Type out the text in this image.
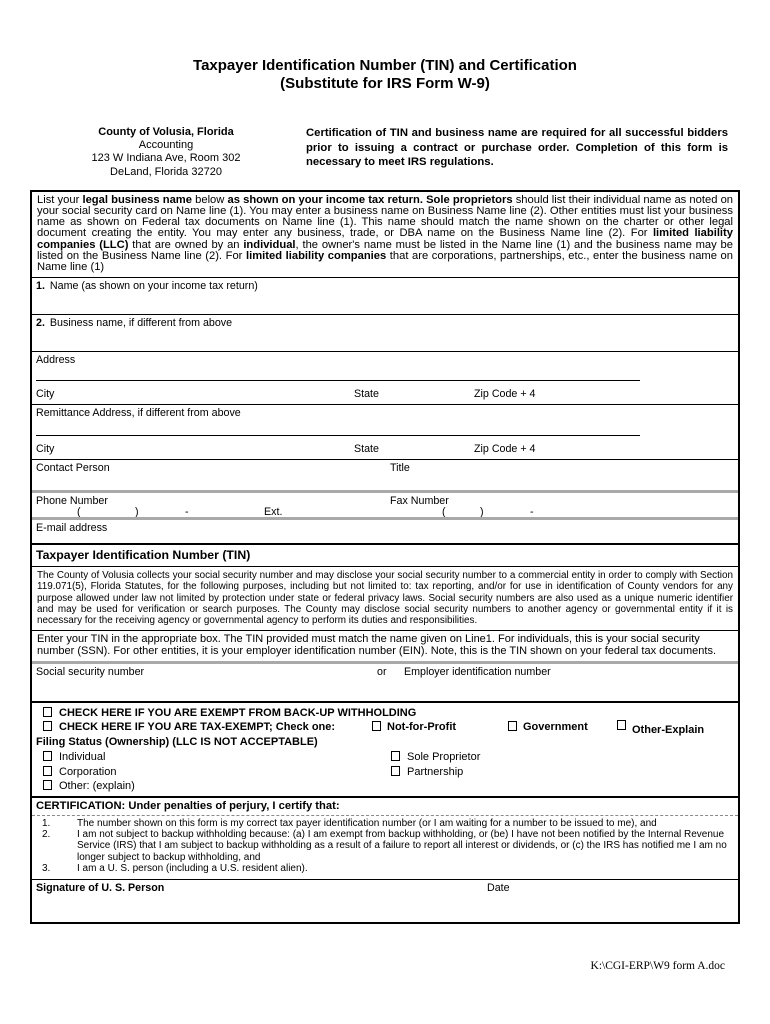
Taxpayer Identification Number (TIN) and Certification
(Substitute for IRS Form W-9)
County of Volusia, Florida
Accounting
123 W Indiana Ave, Room 302
DeLand, Florida 32720
Certification of TIN and business name are required for all successful bidders prior to issuing a contract or purchase order. Completion of this form is necessary to meet IRS regulations.
List your legal business name below as shown on your income tax return. Sole proprietors should list their individual name as noted on your social security card on Name line (1). You may enter a business name on Business Name line (2). Other entities must list your business name as shown on Federal tax documents on Name line (1). This name should match the name shown on the charter or other legal document creating the entity. You may enter any business, trade, or DBA name on the Business Name line (2). For limited liability companies (LLC) that are owned by an individual, the owner's name must be listed in the Name line (1) and the business name may be listed on the Business Name line (2). For limited liability companies that are corporations, partnerships, etc., enter the business name on Name line (1)
1. Name (as shown on your income tax return)
2. Business name, if different from above
Address
City	State	Zip Code + 4
Remittance Address, if different from above
City	State	Zip Code + 4
Contact Person	Title
Phone Number	Fax Number
(	)	-	Ext.	(	)	-
E-mail address
Taxpayer Identification Number (TIN)
The County of Volusia collects your social security number and may disclose your social security number to a commercial entity in order to comply with Section 119.071(5), Florida Statutes, for the following purposes, including but not limited to: tax reporting, and/or for use in identification of County vendors for any purpose allowed under law not limited by protection under state or federal privacy laws. Social security numbers are also used as a unique numeric identifier and may be used for verification or search purposes. The County may disclose social security numbers to another agency or governmental entity if it is necessary for the receiving agency or governmental agency to perform its duties and responsibilities.
Enter your TIN in the appropriate box. The TIN provided must match the name given on Line1. For individuals, this is your social security number (SSN). For other entities, it is your employer identification number (EIN). Note, this is the TIN shown on your federal tax documents.
Social security number	or Employer identification number
CHECK HERE IF YOU ARE EXEMPT FROM BACK-UP WITHHOLDING
CHECK HERE IF YOU ARE TAX-EXEMPT; Check one:	Not-for-Profit	Government	Other-Explain
Filing Status (Ownership) (LLC IS NOT ACCEPTABLE)
Individual	Sole Proprietor
Corporation	Partnership
Other: (explain)
CERTIFICATION: Under penalties of perjury, I certify that:
1.	The number shown on this form is my correct tax payer identification number (or I am waiting for a number to be issued to me), and
2.	I am not subject to backup withholding because: (a) I am exempt from backup withholding, or (be) I have not been notified by the Internal Revenue Service (IRS) that I am subject to backup withholding as a result of a failure to report all interest or dividends, or (c) the IRS has notified me I am no longer subject to backup withholding, and
3.	I am a U. S. person (including a U.S. resident alien).
Signature of U. S. Person	Date
K:\CGI-ERP\W9 form A.doc
